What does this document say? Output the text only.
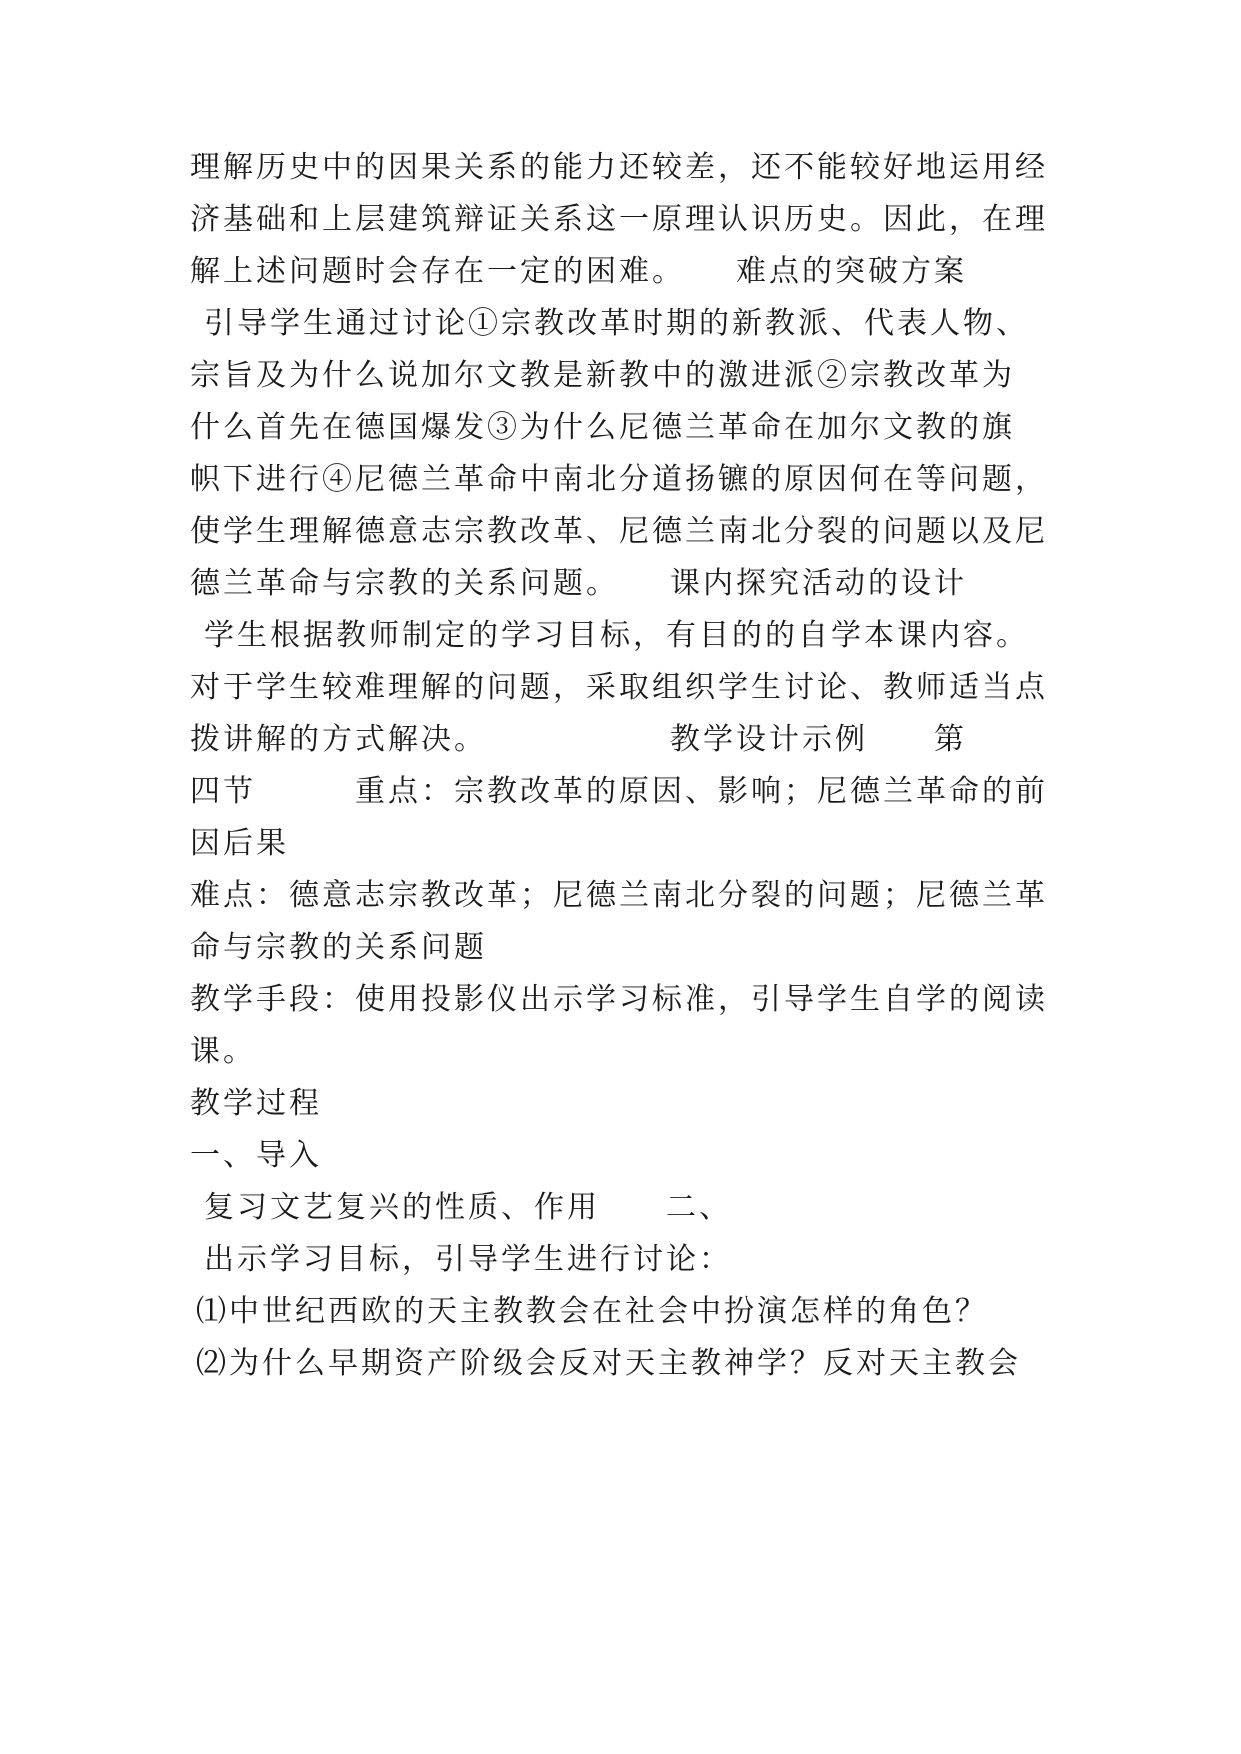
理解历史中的因果关系的能力还较差，还不能较好地运用经
济基础和上层建筑辩证关系这一原理认识历史。因此，在理
解上述问题时会存在一定的困难。　　难点的突破方案
引导学生通过讨论①宗教改革时期的新教派、代表人物、
宗旨及为什么说加尔文教是新教中的激进派②宗教改革为
什么首先在德国爆发③为什么尼德兰革命在加尔文教的旗
帜下进行④尼德兰革命中南北分道扬镳的原因何在等问题，
使学生理解德意志宗教改革、尼德兰南北分裂的问题以及尼
德兰革命与宗教的关系问题。　　课内探究活动的设计
学生根据教师制定的学习目标，有目的的自学本课内容。
对于学生较难理解的问题，采取组织学生讨论、教师适当点
拨讲解的方式解决。　　　　　　教学设计示例　　第
四节　　　重点：宗教改革的原因、影响；尼德兰革命的前
因后果
难点：德意志宗教改革；尼德兰南北分裂的问题；尼德兰革
命与宗教的关系问题
教学手段：使用投影仪出示学习标准，引导学生自学的阅读
课。
教学过程
一、导入
复习文艺复兴的性质、作用　　二、
出示学习目标，引导学生进行讨论：
⑴中世纪西欧的天主教教会在社会中扮演怎样的角色？
⑵为什么早期资产阶级会反对天主教神学？反对天主教会
